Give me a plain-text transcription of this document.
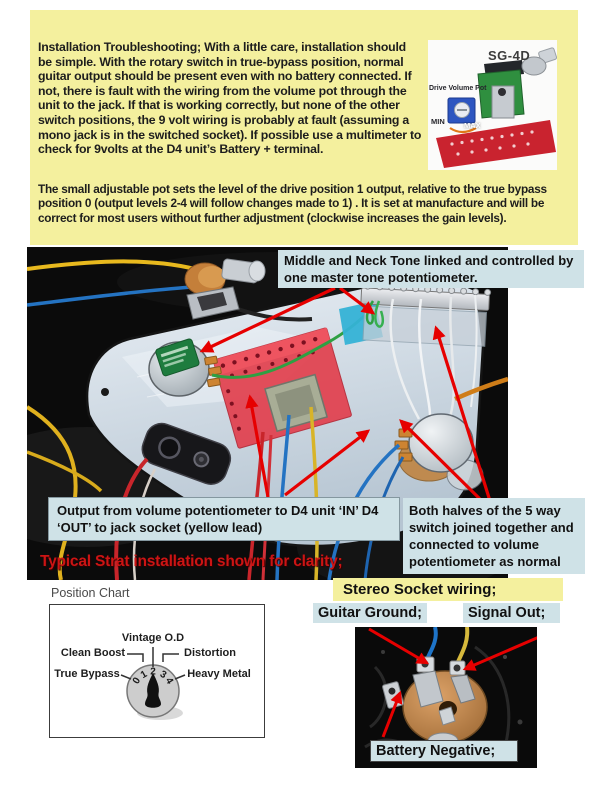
Installation Troubleshooting; With a little care, installation should be simple. With the rotary switch in true-bypass position, normal guitar output should be present even with no battery connected. If not, there is fault with the wiring from the volume pot through the unit to the jack. If that is working correctly, but none of the other switch positions, the 9 volt wiring is probably at fault (assuming a mono jack is in the switched socket). If possible use a multimeter to check for 9volts at the D4 unit’s Battery + terminal.
The small adjustable pot sets the level of the drive position 1 output, relative to the true bypass position 0 (output levels 2-4 will follow changes made to 1) . It is set at manufacture and will be correct for most users without further adjustment (clockwise increases the gain levels).
SG-4D
Drive Volume Pot
MIN	MAX
Middle and Neck Tone linked and controlled by one master tone potentiometer.
Output from volume potentiometer to D4 unit ‘IN’ D4 ‘OUT’ to jack socket (yellow lead)
Both halves of the 5 way switch joined together and connected to volume potentiometer as normal
Typical Strat installation shown for clarity;
Position Chart
Vintage O.D
Clean Boost	Distortion
True Bypass	Heavy Metal
0
1 2 3
4
Stereo Socket wiring;
Guitar Ground;	Signal Out;
Battery Negative;
